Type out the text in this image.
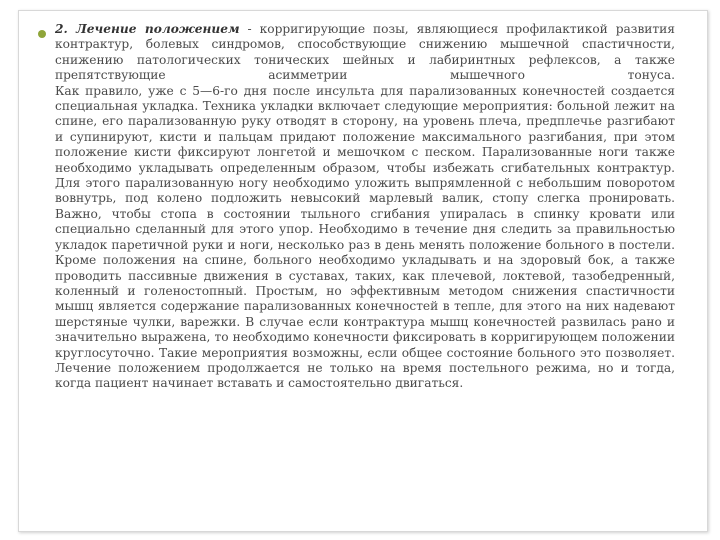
2. Лечение положением - корригирующие позы, являющиеся профилактикой развития контрактур, болевых синдромов, способствующие снижению мышечной спастичности, снижению патологических тонических шейных и лабиринтных рефлексов, а также препятствующие асимметрии мышечного тонуса.

Как правило, уже с 5—6-го дня после инсульта для парализованных конечностей создается специальная укладка. Техника укладки включает следующие мероприятия: больной лежит на спине, его парализованную руку отводят в сторону, на уровень плеча, предплечье разгибают и супинируют, кисти и пальцам придают положение максимального разгибания, при этом положение кисти фиксируют лонгетой и мешочком с песком. Парализованные ноги также необходимо укладывать определенным образом, чтобы избежать сгибательных контрактур. Для этого парализованную ногу необходимо уложить выпрямленной с небольшим поворотом вовнутрь, под колено подложить невысокий марлевый валик, стопу слегка пронировать. Важно, чтобы стопа в состоянии тыльного сгибания упиралась в спинку кровати или специально сделанный для этого упор. Необходимо в течение дня следить за правильностью укладок паретичной руки и ноги, несколько раз в день менять положение больного в постели. Кроме положения на спине, больного необходимо укладывать и на здоровый бок, а также проводить пассивные движения в суставах, таких, как плечевой, локтевой, тазобедренный, коленный и голеностопный. Простым, но эффективным методом снижения спастичности мышц является содержание парализованных конечностей в тепле, для этого на них надевают шерстяные чулки, варежки. В случае если контрактура мышц конечностей развилась рано и значительно выражена, то необходимо конечности фиксировать в корригирующем положении круглосуточно. Такие мероприятия возможны, если общее состояние больного это позволяет. Лечение положением продолжается не только на время постельного режима, но и тогда, когда пациент начинает вставать и самостоятельно двигаться.
